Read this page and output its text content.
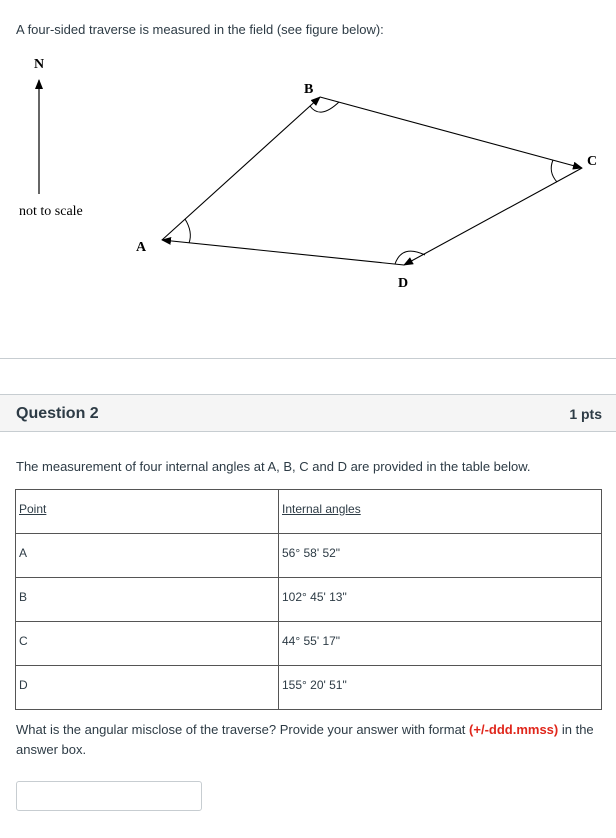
A four-sided traverse is measured in the field (see figure below):
N
not to scale
A
B
C
D
Question 2	1 pts
The measurement of four internal angles at A, B, C and D are provided in the table below.
Point	Internal angles
A	56° 58' 52"
B	102° 45' 13"
C	44° 55' 17"
D	155° 20' 51"
What is the angular misclose of the traverse? Provide your answer with format (+/-ddd.mmss) in the answer box.
